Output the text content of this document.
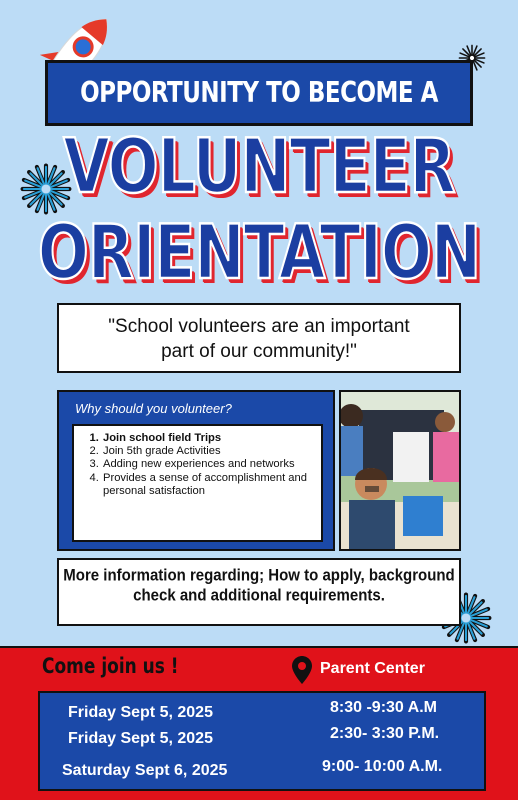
OPPORTUNITY TO BECOME A
VOLUNTEER
ORIENTATION
"School volunteers are an important
part of our community!"
Why should you volunteer?
1. Join school field Trips
2. Join 5th grade Activities
3. Adding new experiences and networks
4. Provides a sense of accomplishment and personal satisfaction
More information regarding; How to apply, background
check and additional requirements.
Come join us !	Parent Center
Friday Sept 5, 2025	8:30 -9:30 A.M
Friday Sept 5, 2025	2:30- 3:30 P.M.
Saturday Sept 6, 2025	9:00- 10:00 A.M.
